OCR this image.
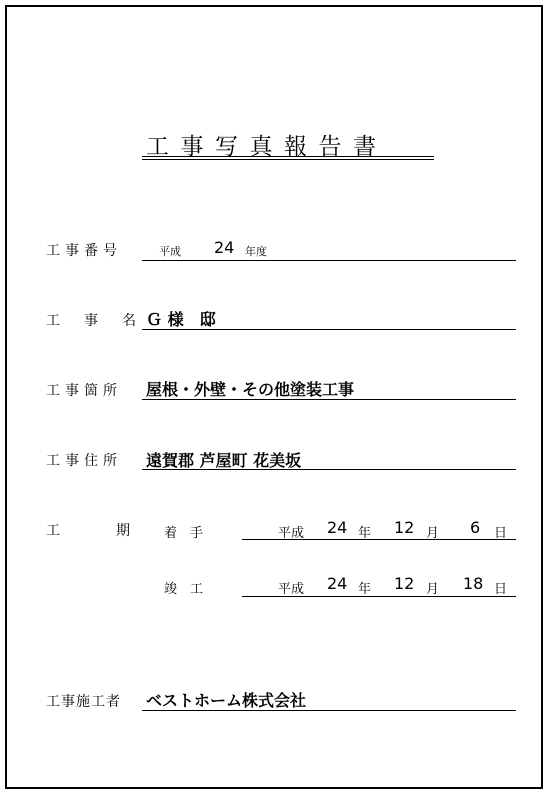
工事写真報告書
工事番号	平成 24 年度
工　事　名 Ｇ 様　邸
工事箇所 屋根・外壁・その他塗装工事
工事住所 遠賀郡 芦屋町 花美坂
工	期 着　手	平成 24 年 12 月 6 日
竣　工	平成 24 年 12 月 18 日
工事施工者 ベストホーム株式会社
